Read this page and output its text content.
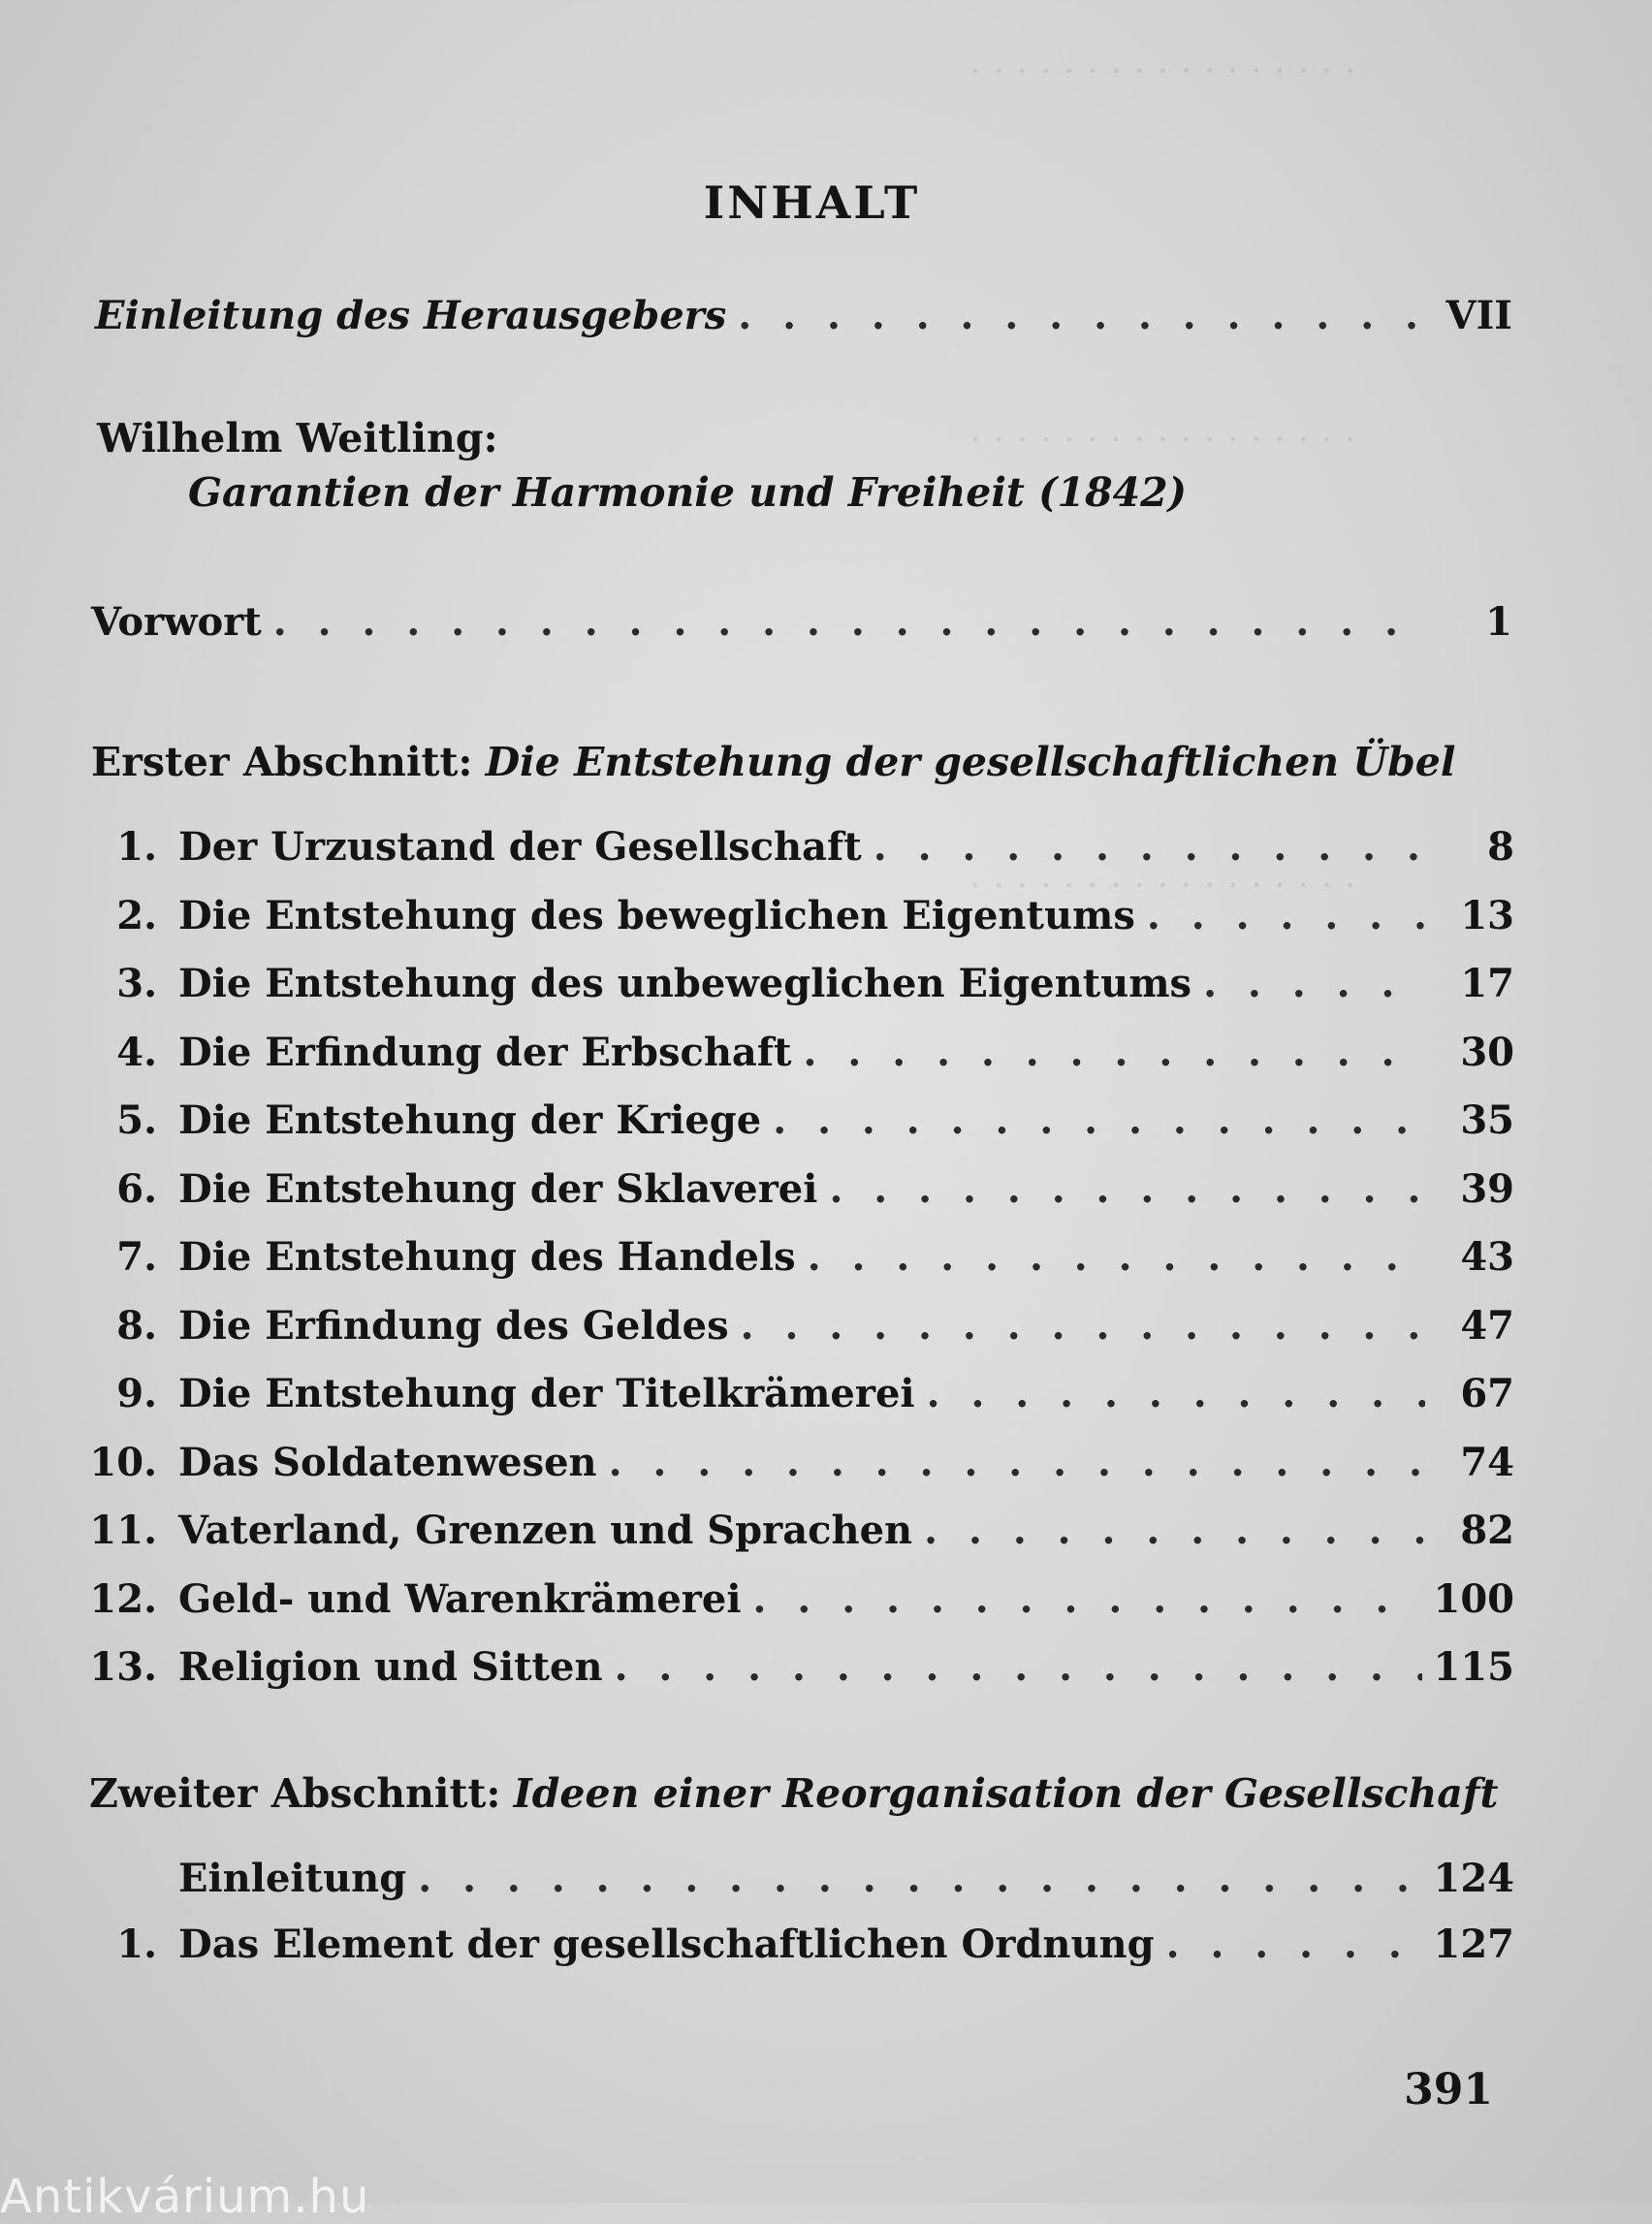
. . . . . . . . . . . . . . . . .
. . . . . . . . . . . . . . . . .
. . . . . . . . . . . . . . . . .
INHALT
Einleitung des Herausgebers . . .	VII
Wilhelm Weitling:
Garantien der Harmonie und Freiheit (1842)
Vorwort . . .	1
Erster Abschnitt: Die Entstehung der gesellschaftlichen Übel
1. Der Urzustand der Gesellschaft . . .	8
2. Die Entstehung des beweglichen Eigentums . . .	13
3. Die Entstehung des unbeweglichen Eigentums . . .	17
4. Die Erfindung der Erbschaft . . .	30
5. Die Entstehung der Kriege . . .	35
6. Die Entstehung der Sklaverei . . .	39
7. Die Entstehung des Handels . . .	43
8. Die Erfindung des Geldes . . .	47
9. Die Entstehung der Titelkrämerei . . .	67
10. Das Soldatenwesen . . .	74
11. Vaterland, Grenzen und Sprachen . . .	82
12. Geld- und Warenkrämerei . . .	100
13. Religion und Sitten . . .	115
Zweiter Abschnitt: Ideen einer Reorganisation der Gesellschaft
Einleitung . . .	124
1. Das Element der gesellschaftlichen Ordnung . . .	127
391
Antikvárium.hu
